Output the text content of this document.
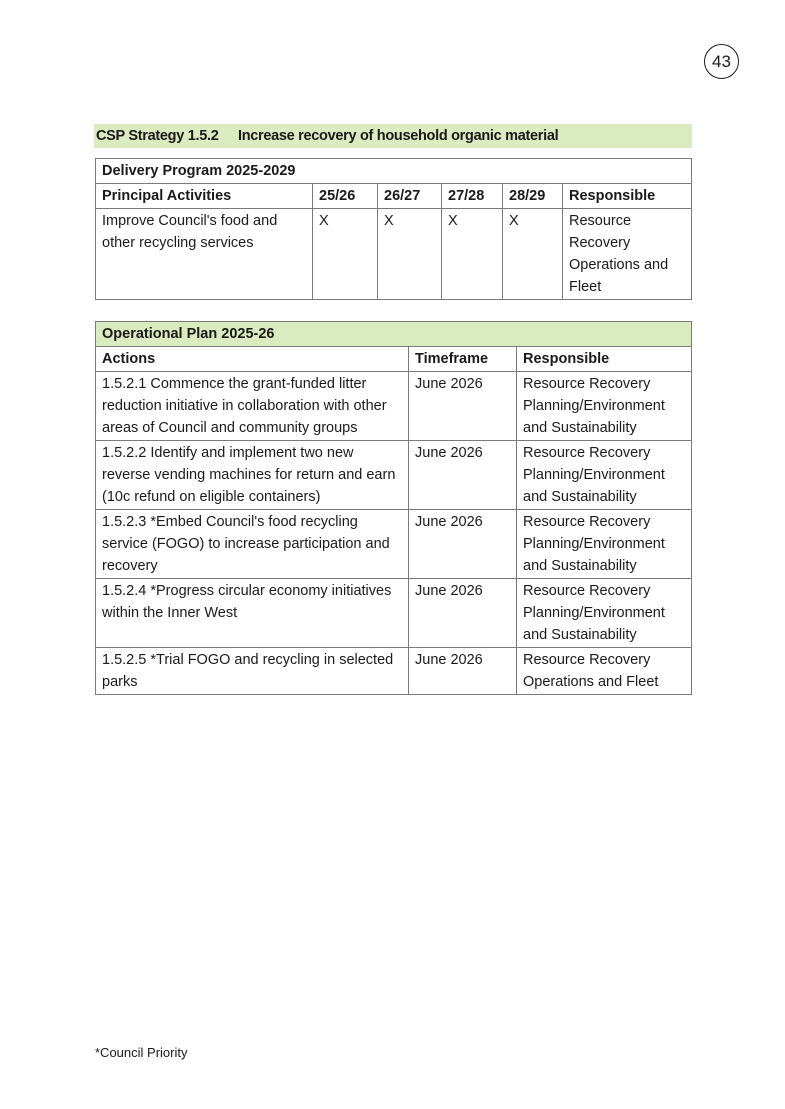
43
CSP Strategy 1.5.2	Increase recovery of household organic material
Delivery Program 2025-2029					
Principal Activities	25/26	26/27	27/28	28/29	Responsible
Improve Council's food and other recycling services	X	X	X	X	Resource Recovery Operations and Fleet
Operational Plan 2025-26		
Actions	Timeframe	Responsible
1.5.2.1 Commence the grant-funded litter reduction initiative in collaboration with other areas of Council and community groups	June 2026	Resource Recovery Planning/Environment and Sustainability
1.5.2.2 Identify and implement two new reverse vending machines for return and earn (10c refund on eligible containers)	June 2026	Resource Recovery Planning/Environment and Sustainability
1.5.2.3 *Embed Council's food recycling service (FOGO) to increase participation and recovery	June 2026	Resource Recovery Planning/Environment and Sustainability
1.5.2.4 *Progress circular economy initiatives within the Inner West	June 2026	Resource Recovery Planning/Environment and Sustainability
1.5.2.5 *Trial FOGO and recycling in selected parks	June 2026	Resource Recovery Operations and Fleet
*Council Priority
